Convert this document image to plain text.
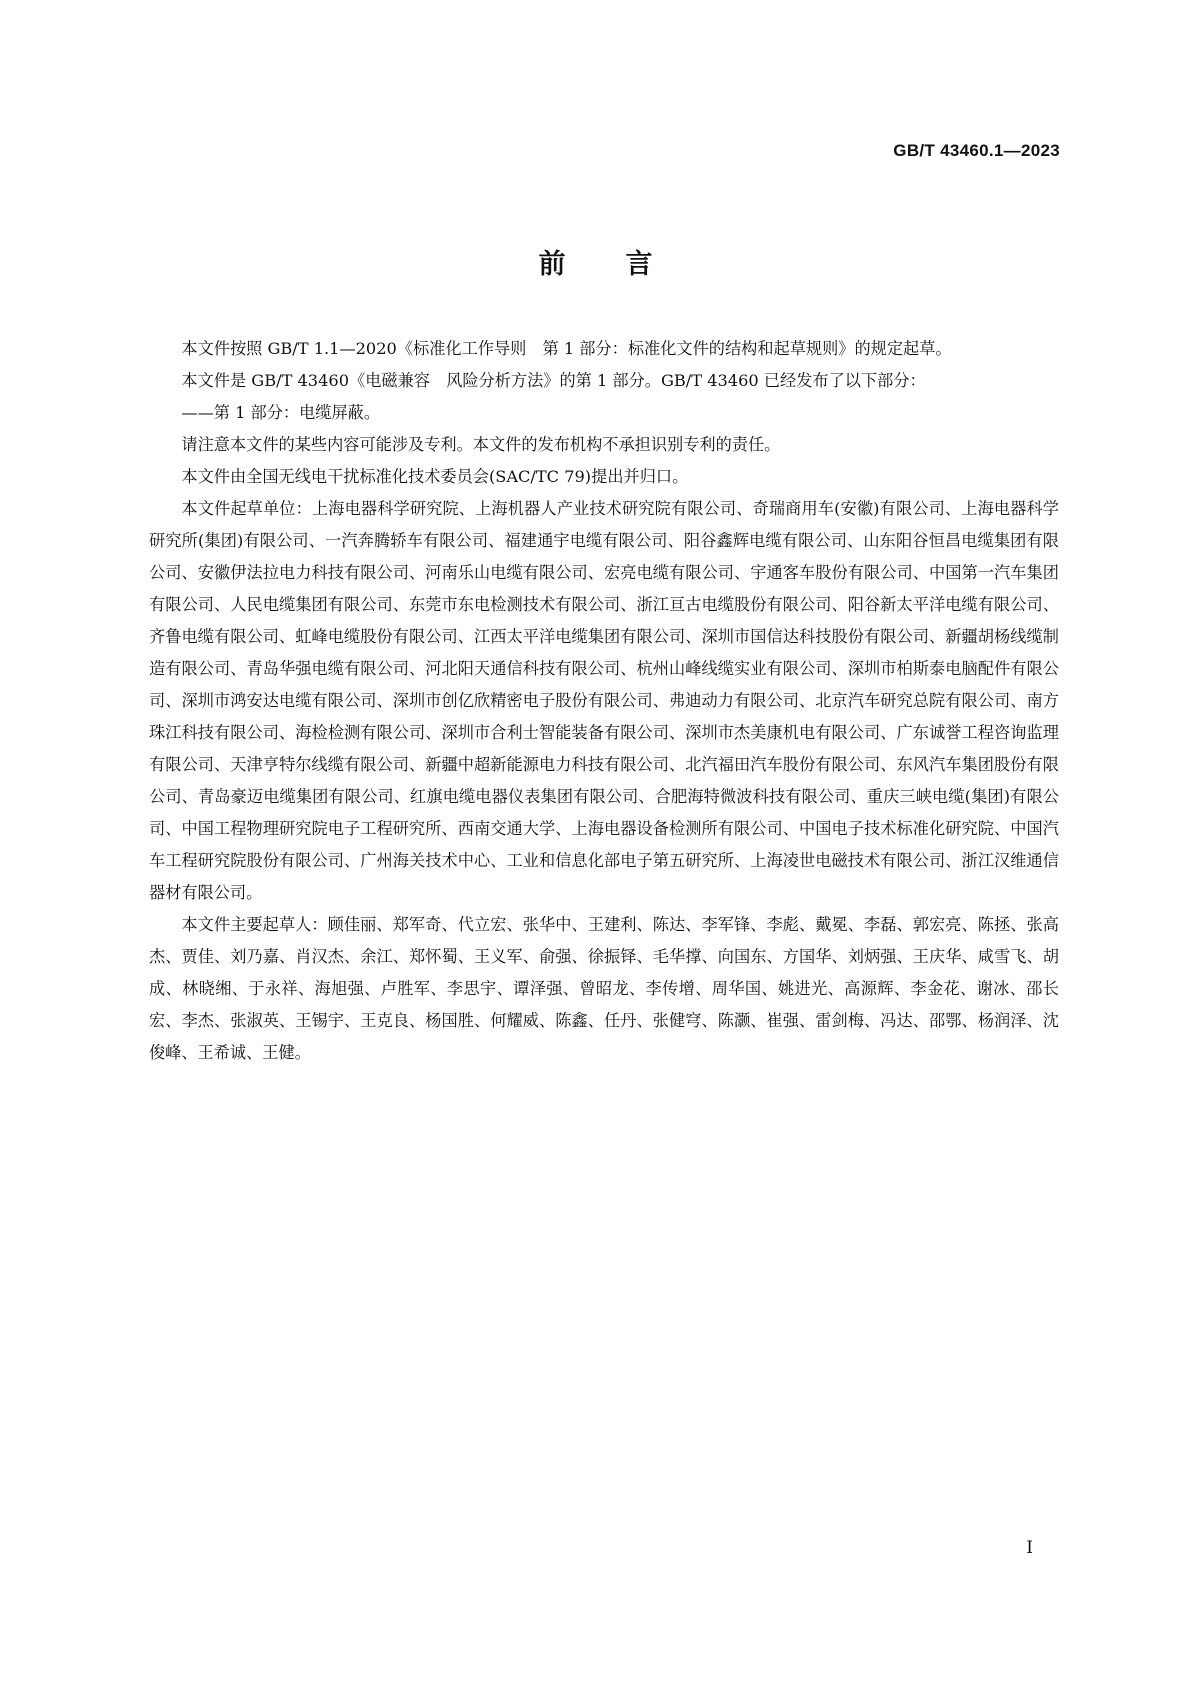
GB/T 43460.1—2023
前言

本文件按照 GB/T 1.1—2020《标准化工作导则　第 1 部分：标准化文件的结构和起草规则》的规定起草。

本文件是 GB/T 43460《电磁兼容　风险分析方法》的第 1 部分。GB/T 43460 已经发布了以下部分：

——第 1 部分：电缆屏蔽。

请注意本文件的某些内容可能涉及专利。本文件的发布机构不承担识别专利的责任。

本文件由全国无线电干扰标准化技术委员会(SAC/TC 79)提出并归口。

本文件起草单位：上海电器科学研究院、上海机器人产业技术研究院有限公司、奇瑞商用车(安徽)有限公司、上海电器科学研究所(集团)有限公司、一汽奔腾轿车有限公司、福建通宇电缆有限公司、阳谷鑫辉电缆有限公司、山东阳谷恒昌电缆集团有限公司、安徽伊法拉电力科技有限公司、河南乐山电缆有限公司、宏亮电缆有限公司、宇通客车股份有限公司、中国第一汽车集团有限公司、人民电缆集团有限公司、东莞市东电检测技术有限公司、浙江亘古电缆股份有限公司、阳谷新太平洋电缆有限公司、齐鲁电缆有限公司、虹峰电缆股份有限公司、江西太平洋电缆集团有限公司、深圳市国信达科技股份有限公司、新疆胡杨线缆制造有限公司、青岛华强电缆有限公司、河北阳天通信科技有限公司、杭州山峰线缆实业有限公司、深圳市柏斯泰电脑配件有限公司、深圳市鸿安达电缆有限公司、深圳市创亿欣精密电子股份有限公司、弗迪动力有限公司、北京汽车研究总院有限公司、南方珠江科技有限公司、海检检测有限公司、深圳市合利士智能装备有限公司、深圳市杰美康机电有限公司、广东诚誉工程咨询监理有限公司、天津亨特尔线缆有限公司、新疆中超新能源电力科技有限公司、北汽福田汽车股份有限公司、东风汽车集团股份有限公司、青岛豪迈电缆集团有限公司、红旗电缆电器仪表集团有限公司、合肥海特微波科技有限公司、重庆三峡电缆(集团)有限公司、中国工程物理研究院电子工程研究所、西南交通大学、上海电器设备检测所有限公司、中国电子技术标准化研究院、中国汽车工程研究院股份有限公司、广州海关技术中心、工业和信息化部电子第五研究所、上海凌世电磁技术有限公司、浙江汉维通信器材有限公司。

本文件主要起草人：顾佳丽、郑军奇、代立宏、张华中、王建利、陈达、李军锋、李彪、戴冕、李磊、郭宏亮、陈拯、张高杰、贾佳、刘乃嘉、肖汉杰、余江、郑怀蜀、王义军、俞强、徐振铎、毛华撑、向国东、方国华、刘炳强、王庆华、咸雪飞、胡成、林晓缃、于永祥、海旭强、卢胜军、李思宇、谭泽强、曾昭龙、李传增、周华国、姚进光、高源辉、李金花、谢冰、邵长宏、李杰、张淑英、王锡宇、王克良、杨国胜、何耀威、陈鑫、任丹、张健穹、陈灏、崔强、雷剑梅、冯达、邵鄂、杨润泽、沈俊峰、王希诚、王健。

I
